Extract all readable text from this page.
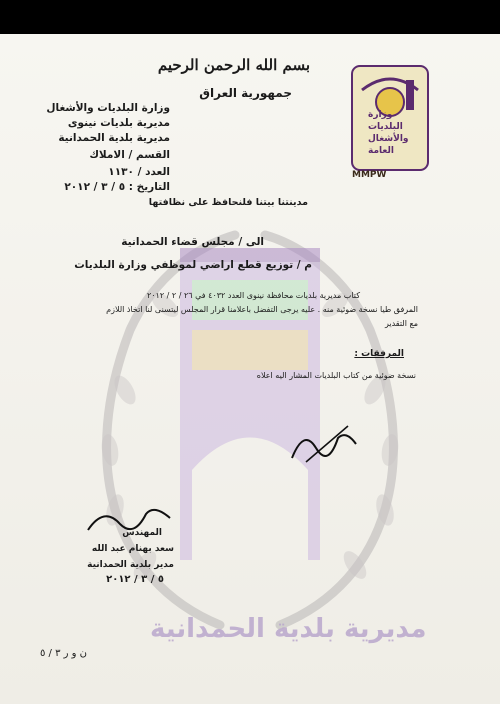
وزارة
البلديات
والأشغال
العامة
MMPW
بسم الله الرحمن الرحيم
جمهورية العراق
وزارة البلديات والأشغال
مديرية بلديات نينوى
مديرية بلدية الحمدانية
القسم / الاملاك
العدد / ١١٣٠
التاريخ : ٥ / ٣ / ٢٠١٢
مدينتنا بيتنا فلنحافظ على نظافتها
الى / مجلس قضاء الحمدانية
م / توزيع قطع اراضي لموظفي وزارة البلديات
كتاب مديرية بلديات محافظة نينوى العدد ٤٠٣٢ في ٢٦ / ٢ / ٢٠١٢
المرفق طيا نسخة ضوئية منه . عليه يرجى التفضل باعلامنا قرار المجلس ليتسنى لنا اتخاذ اللازم
مع التقدير
المرفقات :
نسخة ضوئية من كتاب البلديات المشار اليه اعلاه
المهندس
سعد بهنام عبد الله
مدير بلدية الحمدانية
٥ / ٣ / ٢٠١٢
مديرية بلدية الحمدانية
ن و ر ٣ / ٥
